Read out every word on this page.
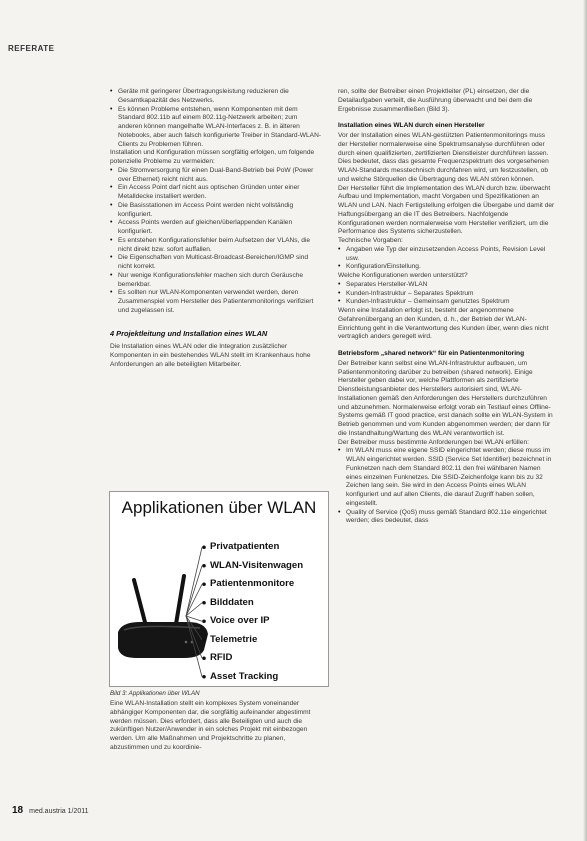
REFERATE
• Geräte mit geringerer Übertragungsleistung reduzieren die Gesamtkapazität des Netzwerks.
• Es können Probleme entstehen, wenn Komponenten mit dem Standard 802.11b auf einem 802.11g-Netzwerk arbeiten; zum anderen können mangelhafte WLAN-Interfaces z. B. in älteren Notebooks, aber auch falsch konfigurierte Treiber in Standard-WLAN-Clients zu Problemen führen.

Installation und Konfiguration müssen sorgfältig erfolgen, um folgende potenzielle Probleme zu vermeiden:

• Die Stromversorgung für einen Dual-Band-Betrieb bei PoW (Power over Ethernet) reicht nicht aus.
• Ein Access Point darf nicht aus optischen Gründen unter einer Metalldecke installiert werden.
• Die Basisstationen im Access Point werden nicht vollständig konfiguriert.
• Access Points werden auf gleichen/überlappenden Kanälen konfiguriert.
• Es entstehen Konfigurationsfehler beim Aufsetzen der VLANs, die nicht direkt bzw. sofort auffallen.
• Die Eigenschaften von Multicast-Broadcast-Bereichen/IGMP sind nicht korrekt.
• Nur wenige Konfigurationsfehler machen sich durch Geräusche bemerkbar.
• Es sollten nur WLAN-Komponenten verwendet werden, deren Zusammenspiel vom Hersteller des Patientenmonitorings verifiziert und zugelassen ist.
4 Projektleitung und Installation eines WLAN

Die Installation eines WLAN oder die Integration zusätzlicher Komponenten in ein bestehendes WLAN stellt im Krankenhaus hohe Anforderungen an alle beteiligten Mitarbeiter.

Applikationen über WLAN
Privatpatienten
WLAN-Visitenwagen
Patientenmonitore
Bilddaten
Voice over IP
Telemetrie
RFID
Asset Tracking
Bild 3: Applikationen über WLAN

Eine WLAN-Installation stellt ein komplexes System voneinander abhängiger Komponenten dar, die sorgfältig aufeinander abgestimmt werden müssen. Dies erfordert, dass alle Beteiligten und auch die zukünftigen Nutzer/Anwender in ein solches Projekt mit einbezogen werden. Um alle Maßnahmen und Projektschritte zu planen, abzustimmen und zu koordinie-

ren, sollte der Betreiber einen Projektleiter (PL) einsetzen, der die Detailaufgaben verteilt, die Ausführung überwacht und bei dem die Ergebnisse zusammenfließen (Bild 3).

Installation eines WLAN durch einen Hersteller

Vor der Installation eines WLAN-gestützten Patientenmonitorings muss der Hersteller normalerweise eine Spektrumsanalyse durchführen oder durch einen qualifizierten, zertifizierten Dienstleister durchführen lassen. Dies bedeutet, dass das gesamte Frequenzspektrum des vorgesehenen WLAN-Standards messtechnisch durchfahren wird, um festzustellen, ob und welche Störquellen die Übertragung des WLAN stören können.

Der Hersteller führt die Implementation des WLAN durch bzw. überwacht Aufbau und Implementation, macht Vorgaben und Spezifikationen an WLAN und LAN. Nach Fertigstellung erfolgen die Übergabe und damit der Haftungsübergang an die IT des Betreibers. Nachfolgende Konfigurationen werden normalerweise vom Hersteller verifiziert, um die Performance des Systems sicherzustellen.

Technische Vorgaben:

• Angaben wie Typ der einzusetzenden Access Points, Revision Level usw.
• Konfiguration/Einstellung.

Welche Konfigurationen werden unterstützt?

• Separates Hersteller-WLAN
• Kunden-Infrastruktur – Separates Spektrum
• Kunden-Infrastruktur – Gemeinsam genutztes Spektrum

Wenn eine Installation erfolgt ist, besteht der angenommene Gefahrenübergang an den Kunden, d. h., der Betrieb der WLAN-Einrichtung geht in die Verantwortung des Kunden über, wenn dies nicht vertraglich anders geregelt wird.

Betriebsform „shared network“ für ein Patientenmonitoring

Der Betreiber kann selbst eine WLAN-Infrastruktur aufbauen, um Patientenmonitoring darüber zu betreiben (shared network). Einige Hersteller geben dabei vor, welche Plattformen als zertifizierte Dienstleistungsanbieter des Herstellers autorisiert sind, WLAN-Installationen gemäß den Anforderungen des Herstellers durchzuführen und abzunehmen. Normalerweise erfolgt vorab ein Testlauf eines Offline-Systems gemäß IT good practice, erst danach sollte ein WLAN-System in Betrieb genommen und vom Kunden abgenommen werden; der dann für die Instandhaltung/Wartung des WLAN verantwortlich ist.

Der Betreiber muss bestimmte Anforderungen bei WLAN erfüllen:

• Im WLAN muss eine eigene SSID eingerichtet werden; diese muss im WLAN eingerichtet werden. SSID (Service Set Identifier) bezeichnet in Funknetzen nach dem Standard 802.11 den frei wählbaren Namen eines einzelnen Funknetzes. Die SSID-Zeichenfolge kann bis zu 32 Zeichen lang sein. Sie wird in den Access Points eines WLAN konfiguriert und auf allen Clients, die darauf Zugriff haben sollen, eingestellt.
• Quality of Service (QoS) muss gemäß Standard 802.11e eingerichtet werden; dies bedeutet, dass
18 med.austria 1/2011
